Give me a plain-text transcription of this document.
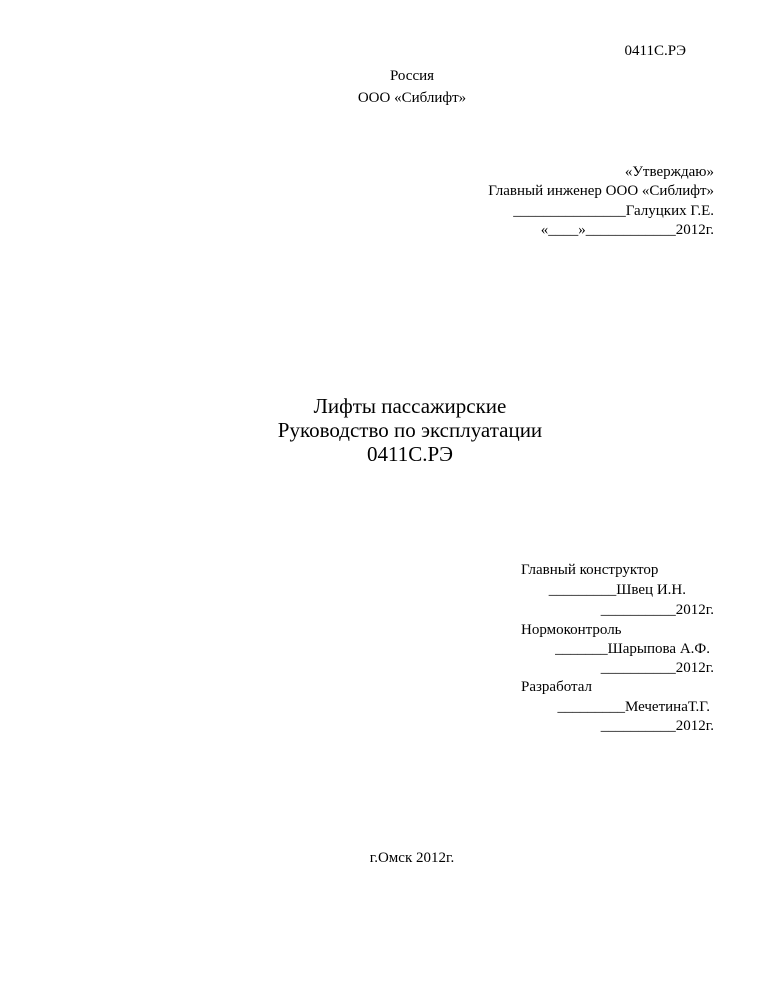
0411С.РЭ
Россия
ООО «Сиблифт»
«Утверждаю»
Главный инженер ООО «Сиблифт»
_______________Галуцких Г.Е.
«____»____________2012г.
Лифты пассажирские
Руководство по эксплуатации
0411С.РЭ
Главный конструктор
_________Швец И.Н.
__________2012г.
Нормоконтроль
_______Шарыпова А.Ф.
__________2012г.
Разработал
_________МечетинаТ.Г.
__________2012г.
г.Омск 2012г.
